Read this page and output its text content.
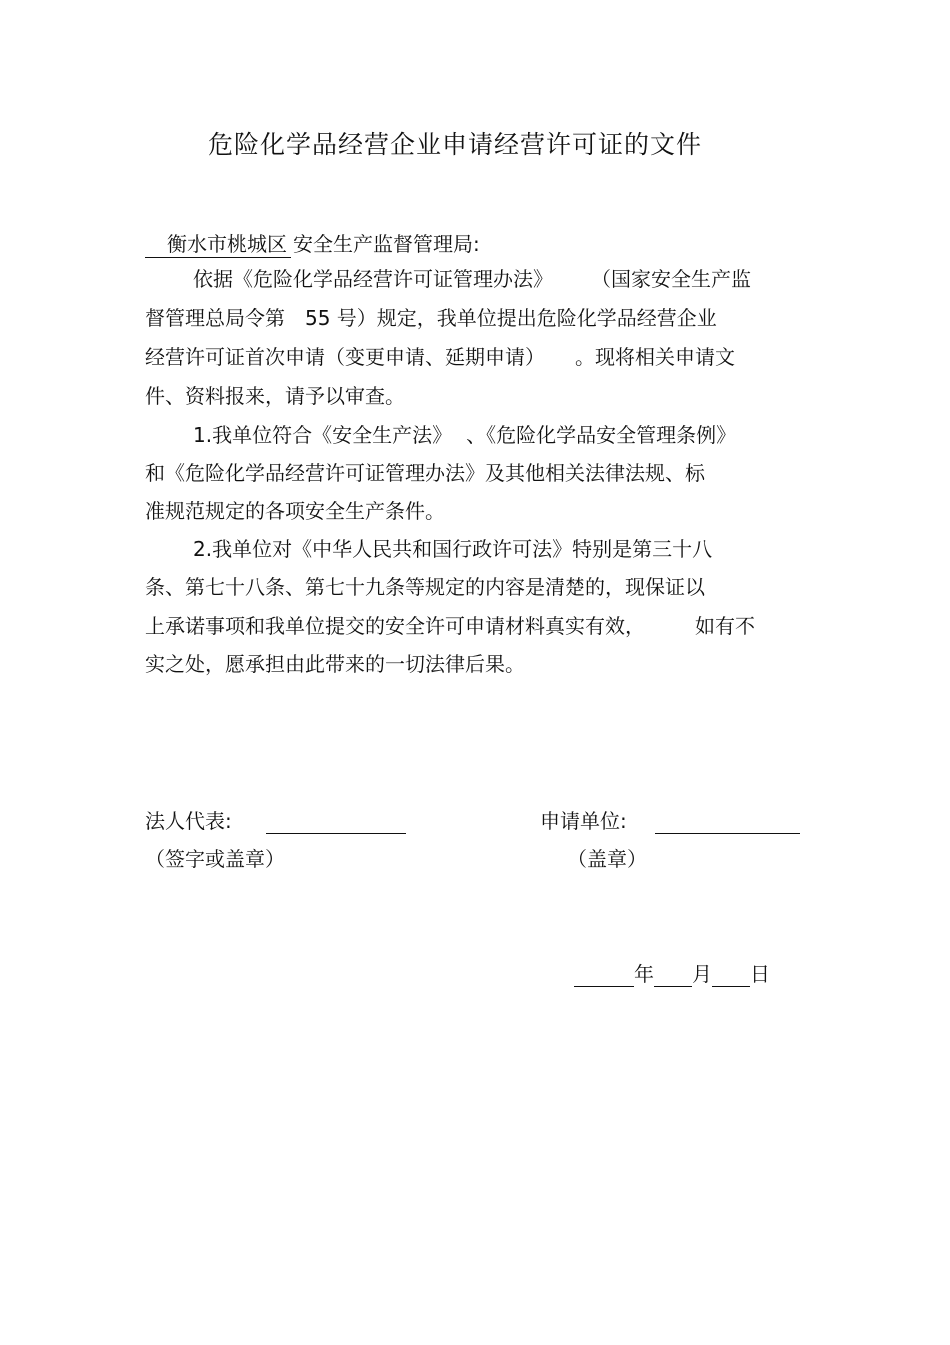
危险化学品经营企业申请经营许可证的文件
衡水市桃城区 安全生产监督管理局:
依据《危险化学品经营许可证管理办法》 （国家安全生产监
督管理总局令第 55 号）规定，我单位提出危险化学品经营企业
经营许可证首次申请（变更申请、延期申请） 。现将相关申请文
件、资料报来，请予以审查。
1.我单位符合《安全生产法》 、《危险化学品安全管理条例》
和《危险化学品经营许可证管理办法》及其他相关法律法规、标
准规范规定的各项安全生产条件。
2.我单位对《中华人民共和国行政许可法》特别是第三十八
条、第七十八条、第七十九条等规定的内容是清楚的，现保证以
上承诺事项和我单位提交的安全许可申请材料真实有效，	如有不
实之处，愿承担由此带来的一切法律后果。
法人代表:
（签字或盖章）
申请单位:
（盖章）
年 月 日
